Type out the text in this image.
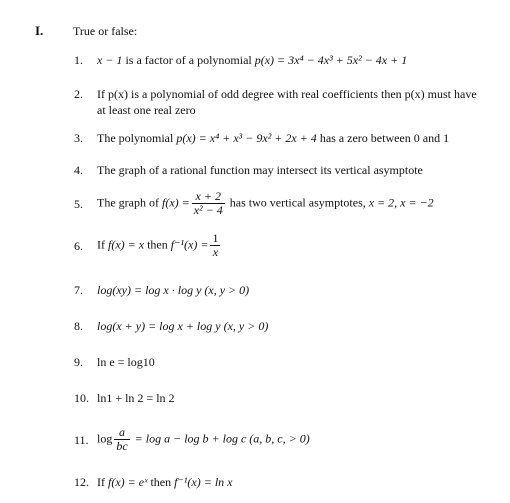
I. True or false:
1. x − 1 is a factor of a polynomial p(x) = 3x⁴ − 4x³ + 5x² − 4x + 1
2. If p(x) is a polynomial of odd degree with real coefficients then p(x) must have
at least one real zero
3. The polynomial p(x) = x⁴ + x³ − 9x² + 2x + 4 has a zero between 0 and 1
4. The graph of a rational function may intersect its vertical asymptote
5. The graph of $f(x) = \frac{x + 2}{\text{x² − 4}}$ has two vertical asymptotes, x = 2, x = −2
6. If f(x) = x then $f^{-1}(x) = \frac{1}{x}$
7. log(xy) = log x · log y (x, y > 0)
8. log(x + y) = log x + log y (x, y > 0)
9. ln e = log10
10. ln1 + ln 2 = ln 2
11. $\log \frac{a}{bc} = \log a - \log b + \log c$ (a, b, c, > 0)
12. If f(x) = eˣ then f⁻¹(x) = ln x
